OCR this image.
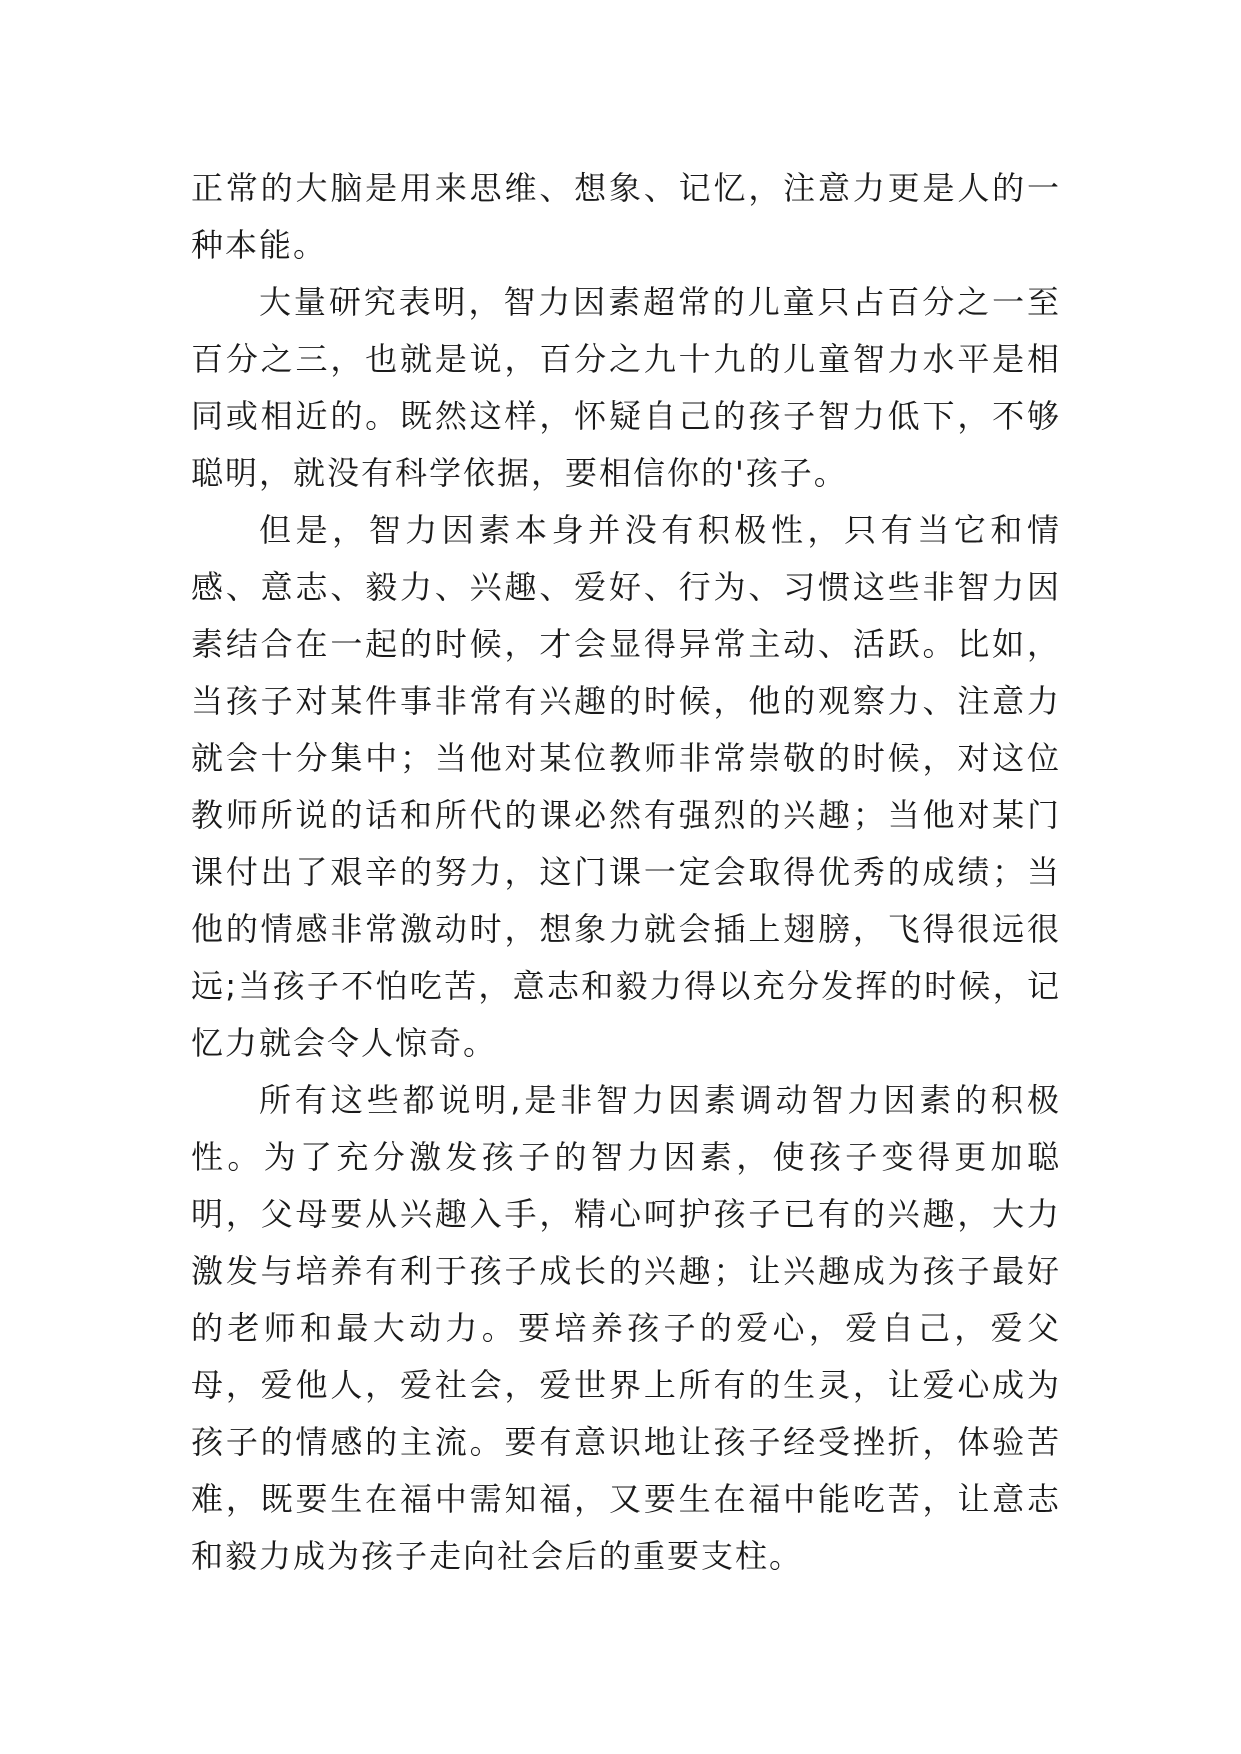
正常的大脑是用来思维、想象、记忆，注意力更是人的一种本能。

大量研究表明，智力因素超常的儿童只占百分之一至百分之三，也就是说，百分之九十九的儿童智力水平是相同或相近的。既然这样，怀疑自己的孩子智力低下，不够聪明，就没有科学依据，要相信你的'孩子。

但是，智力因素本身并没有积极性，只有当它和情感、意志、毅力、兴趣、爱好、行为、习惯这些非智力因素结合在一起的时候，才会显得异常主动、活跃。比如，当孩子对某件事非常有兴趣的时候，他的观察力、注意力就会十分集中；当他对某位教师非常崇敬的时候，对这位教师所说的话和所代的课必然有强烈的兴趣；当他对某门课付出了艰辛的努力，这门课一定会取得优秀的成绩；当他的情感非常激动时，想象力就会插上翅膀，飞得很远很远;当孩子不怕吃苦，意志和毅力得以充分发挥的时候，记忆力就会令人惊奇。

所有这些都说明,是非智力因素调动智力因素的积极性。为了充分激发孩子的智力因素，使孩子变得更加聪明，父母要从兴趣入手，精心呵护孩子已有的兴趣，大力激发与培养有利于孩子成长的兴趣；让兴趣成为孩子最好的老师和最大动力。要培养孩子的爱心，爱自己，爱父母，爱他人，爱社会，爱世界上所有的生灵，让爱心成为孩子的情感的主流。要有意识地让孩子经受挫折，体验苦难，既要生在福中需知福，又要生在福中能吃苦，让意志和毅力成为孩子走向社会后的重要支柱。
